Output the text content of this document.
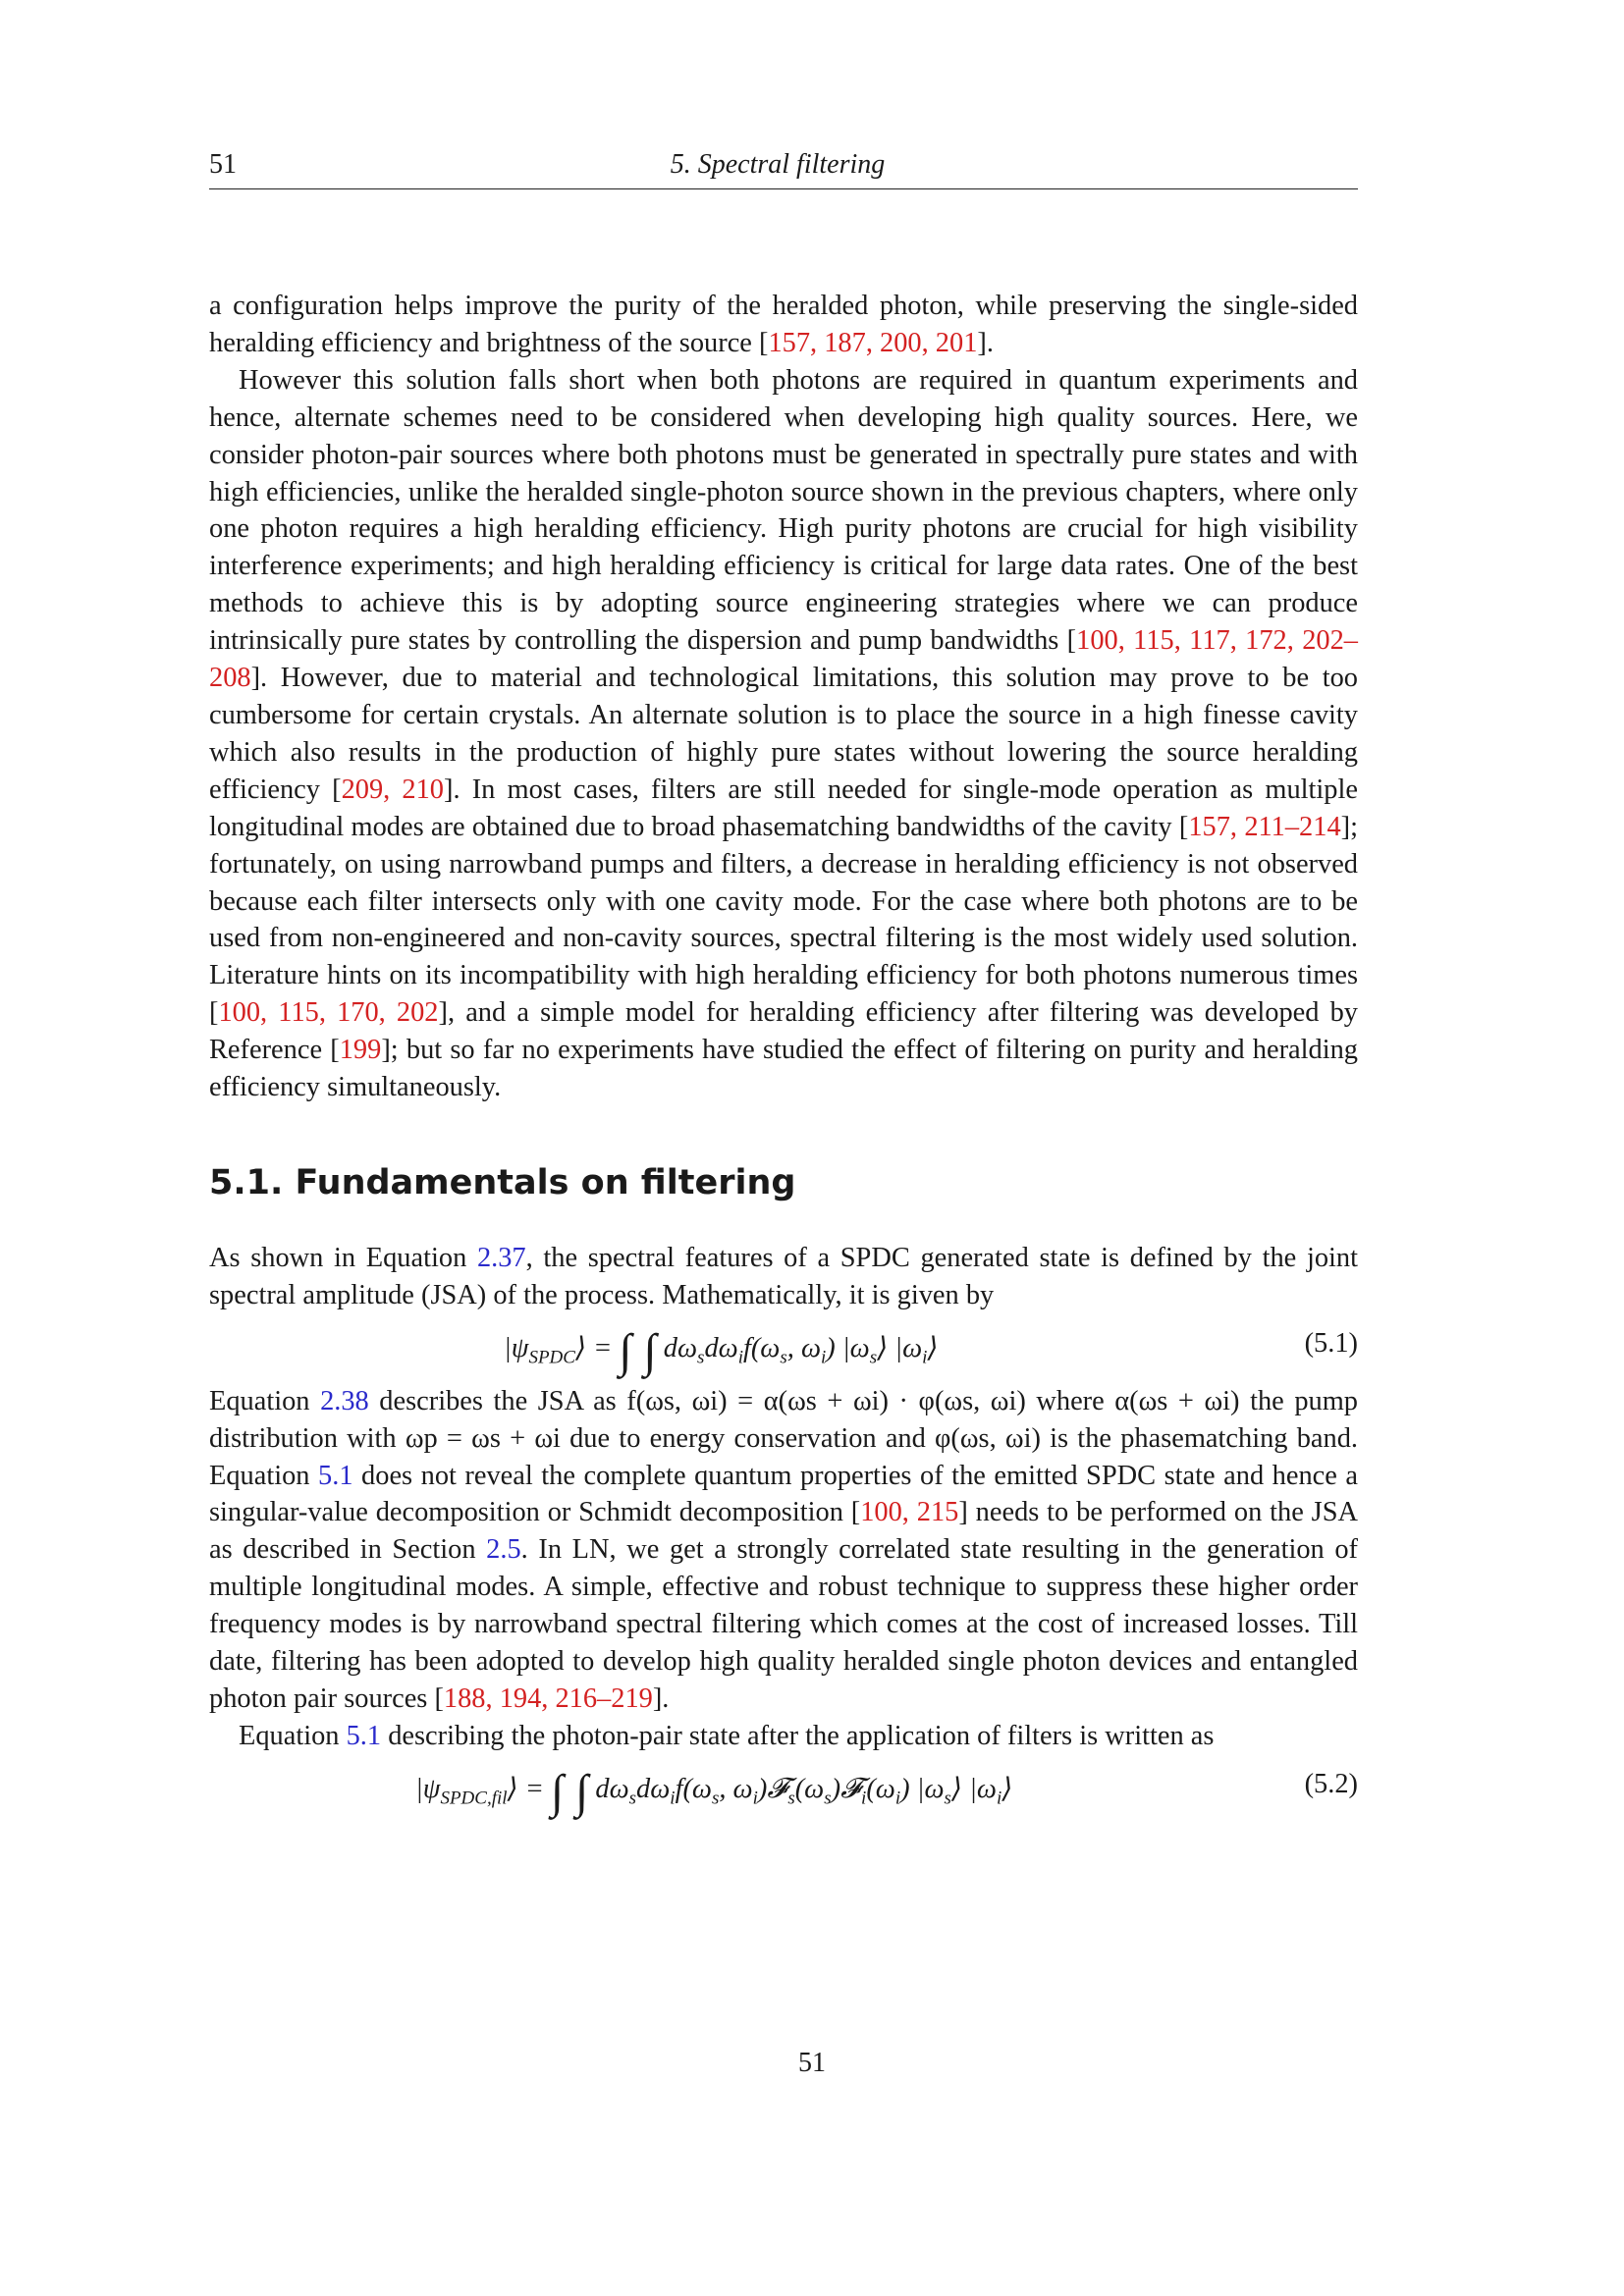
51	5. Spectral filtering

a configuration helps improve the purity of the heralded photon, while preserving the single-sided heralding efficiency and brightness of the source [157, 187, 200, 201].

However this solution falls short when both photons are required in quantum experiments and hence, alternate schemes need to be considered when developing high quality sources. Here, we consider photon-pair sources where both photons must be generated in spectrally pure states and with high efficiencies, unlike the heralded single-photon source shown in the previous chapters, where only one photon requires a high heralding efficiency. High purity photons are crucial for high visibility interference experiments; and high heralding efficiency is critical for large data rates. One of the best methods to achieve this is by adopting source engineering strategies where we can produce intrinsically pure states by controlling the dispersion and pump bandwidths [100, 115, 117, 172, 202–208]. However, due to material and technological limitations, this solution may prove to be too cumbersome for certain crystals. An alternate solution is to place the source in a high finesse cavity which also results in the production of highly pure states without lowering the source heralding efficiency [209, 210]. In most cases, filters are still needed for single-mode operation as multiple longitudinal modes are obtained due to broad phasematching bandwidths of the cavity [157, 211–214]; fortunately, on using narrowband pumps and filters, a decrease in heralding efficiency is not observed because each filter intersects only with one cavity mode. For the case where both photons are to be used from non-engineered and non-cavity sources, spectral filtering is the most widely used solution. Literature hints on its incompatibility with high heralding efficiency for both photons numerous times [100, 115, 170, 202], and a simple model for heralding efficiency after filtering was developed by Reference [199]; but so far no experiments have studied the effect of filtering on purity and heralding efficiency simultaneously.

5.1. Fundamentals on filtering

As shown in Equation 2.37, the spectral features of a SPDC generated state is defined by the joint spectral amplitude (JSA) of the process. Mathematically, it is given by

$|\psi_{SPDC}⟩$ = ∫ ∫ $d\omega_sd\omega_if(\omega_s$, $\omega_i$) $|\omega_s⟩$ $|\omega_i⟩$	(5.1)

Equation 2.38 describes the JSA as f(ωs, ωi) = α(ωs + ωi) · φ(ωs, ωi) where α(ωs + ωi) the pump distribution with ωp = ωs + ωi due to energy conservation and φ(ωs, ωi) is the phasematching band. Equation 5.1 does not reveal the complete quantum properties of the emitted SPDC state and hence a singular-value decomposition or Schmidt decomposition [100, 215] needs to be performed on the JSA as described in Section 2.5. In LN, we get a strongly correlated state resulting in the generation of multiple longitudinal modes. A simple, effective and robust technique to suppress these higher order frequency modes is by narrowband spectral filtering which comes at the cost of increased losses. Till date, filtering has been adopted to develop high quality heralded single photon devices and entangled photon pair sources [188, 194, 216–219].

Equation 5.1 describing the photon-pair state after the application of filters is written as

$|\psi_{SPDC,fil}⟩$ = ∫ ∫ $d\omega_sd\omega_if(\omega_s$, $\omega_i)𝓕_s(\omega_s)𝓕_i(\omega_i)$ $|\omega_s⟩$ $|\omega_i⟩$	(5.2)
51
